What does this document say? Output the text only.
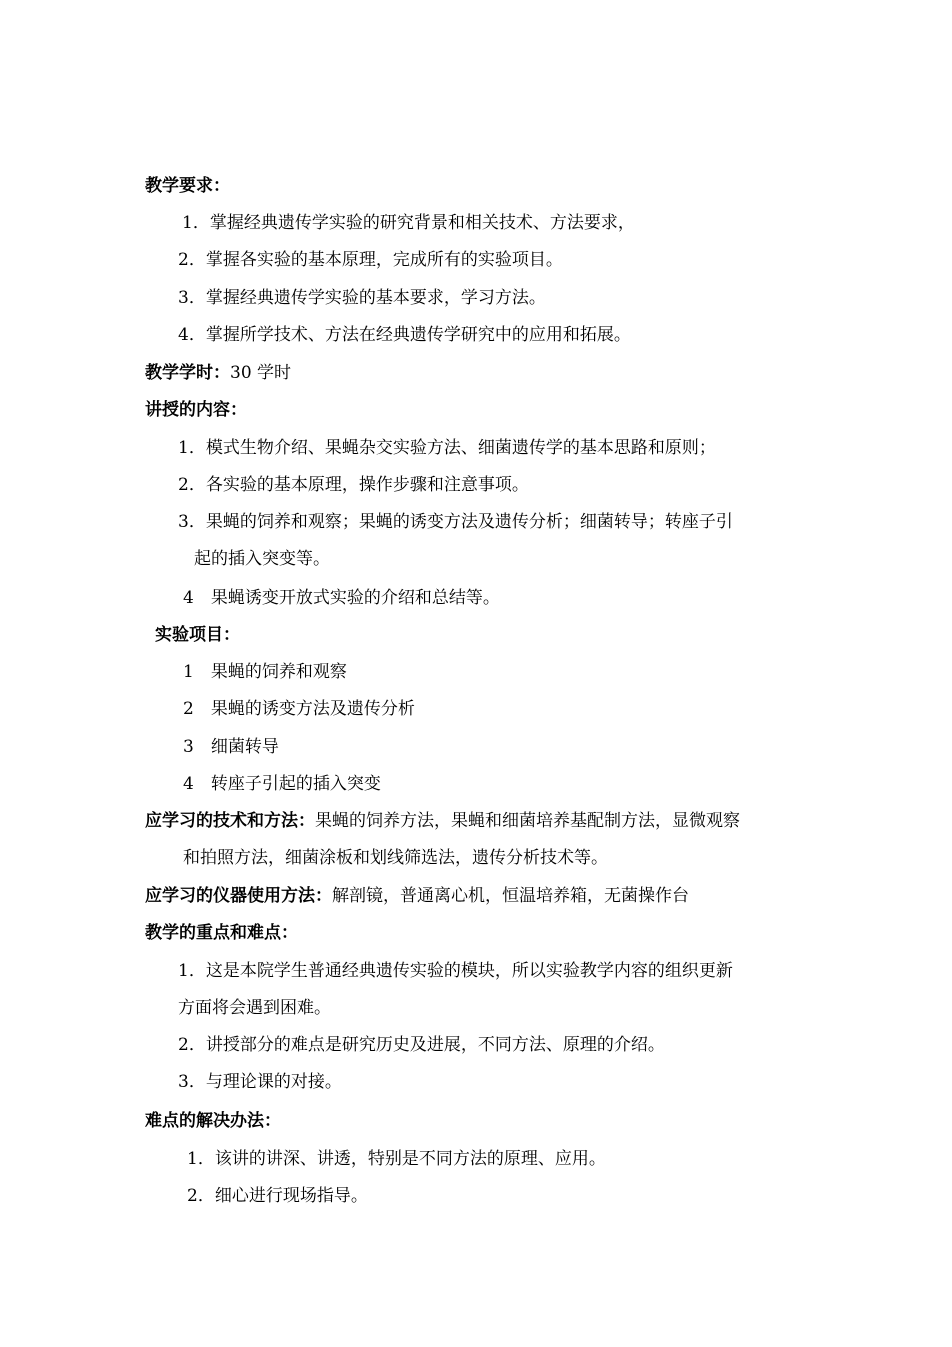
教学要求：
1．掌握经典遗传学实验的研究背景和相关技术、方法要求，
2．掌握各实验的基本原理，完成所有的实验项目。
3．掌握经典遗传学实验的基本要求，学习方法。
4．掌握所学技术、方法在经典遗传学研究中的应用和拓展。
教学学时：30 学时
讲授的内容：
1．模式生物介绍、果蝇杂交实验方法、细菌遗传学的基本思路和原则；
2．各实验的基本原理，操作步骤和注意事项。
3．果蝇的饲养和观察；果蝇的诱变方法及遗传分析；细菌转导；转座子引
起的插入突变等。
4　果蝇诱变开放式实验的介绍和总结等。
实验项目：
1　果蝇的饲养和观察
2　果蝇的诱变方法及遗传分析
3　细菌转导
4　转座子引起的插入突变
应学习的技术和方法：果蝇的饲养方法，果蝇和细菌培养基配制方法，显微观察
和拍照方法，细菌涂板和划线筛选法，遗传分析技术等。
应学习的仪器使用方法：解剖镜，普通离心机，恒温培养箱，无菌操作台
教学的重点和难点：
1．这是本院学生普通经典遗传实验的模块，所以实验教学内容的组织更新
方面将会遇到困难。
2．讲授部分的难点是研究历史及进展，不同方法、原理的介绍。
3．与理论课的对接。
难点的解决办法：
1．该讲的讲深、讲透，特别是不同方法的原理、应用。
2．细心进行现场指导。
